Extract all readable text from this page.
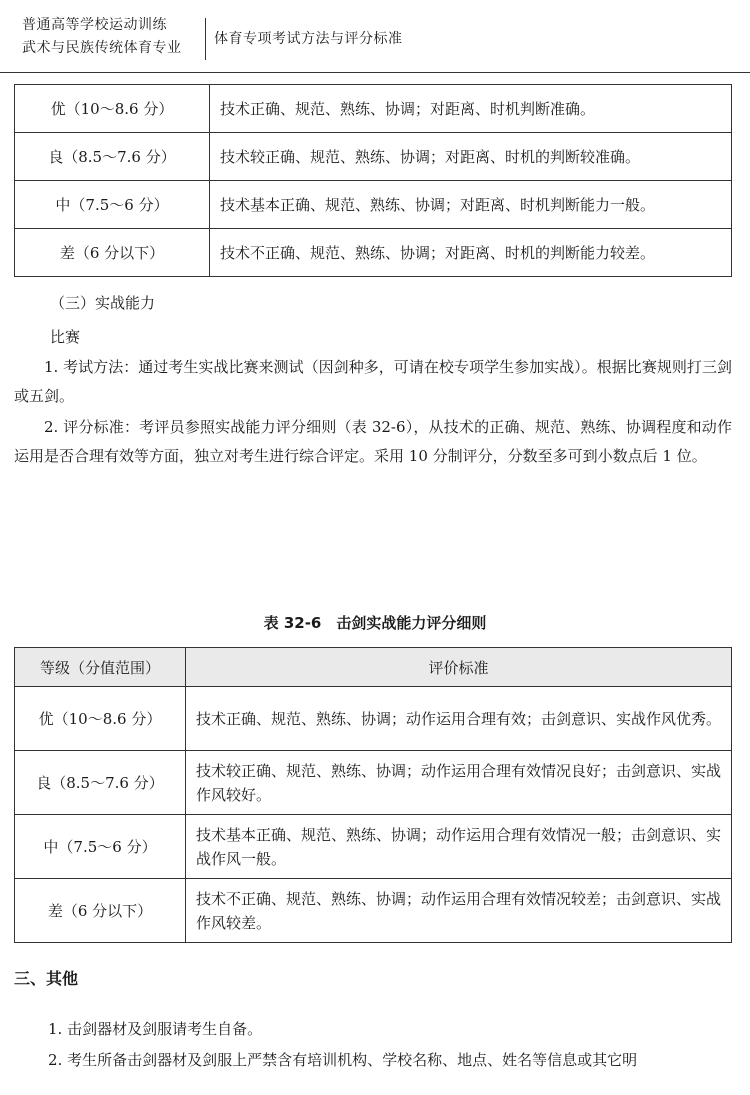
普通高等学校运动训练
武术与民族传统体育专业
体育专项考试方法与评分标准
优（10～8.6 分）	技术正确、规范、熟练、协调；对距离、时机判断准确。
良（8.5～7.6 分）	技术较正确、规范、熟练、协调；对距离、时机的判断较准确。
中（7.5～6 分）	技术基本正确、规范、熟练、协调；对距离、时机判断能力一般。
差（6 分以下）	技术不正确、规范、熟练、协调；对距离、时机的判断能力较差。
（三）实战能力
比赛

1. 考试方法：通过考生实战比赛来测试（因剑种多，可请在校专项学生参加实战）。根据比赛规则打三剑或五剑。

2. 评分标准：考评员参照实战能力评分细则（表 32-6），从技术的正确、规范、熟练、协调程度和动作运用是否合理有效等方面，独立对考生进行综合评定。采用 10 分制评分，分数至多可到小数点后 1 位。

表 32-6　击剑实战能力评分细则
等级（分值范围）	评价标准
优（10～8.6 分）	技术正确、规范、熟练、协调；动作运用合理有效；击剑意识、实战作风优秀。
良（8.5～7.6 分）	技术较正确、规范、熟练、协调；动作运用合理有效情况良好；击剑意识、实战作风较好。
中（7.5～6 分）	技术基本正确、规范、熟练、协调；动作运用合理有效情况一般；击剑意识、实战作风一般。
差（6 分以下）	技术不正确、规范、熟练、协调；动作运用合理有效情况较差；击剑意识、实战作风较差。
三、其他
1. 击剑器材及剑服请考生自备。
2. 考生所备击剑器材及剑服上严禁含有培训机构、学校名称、地点、姓名等信息或其它明
